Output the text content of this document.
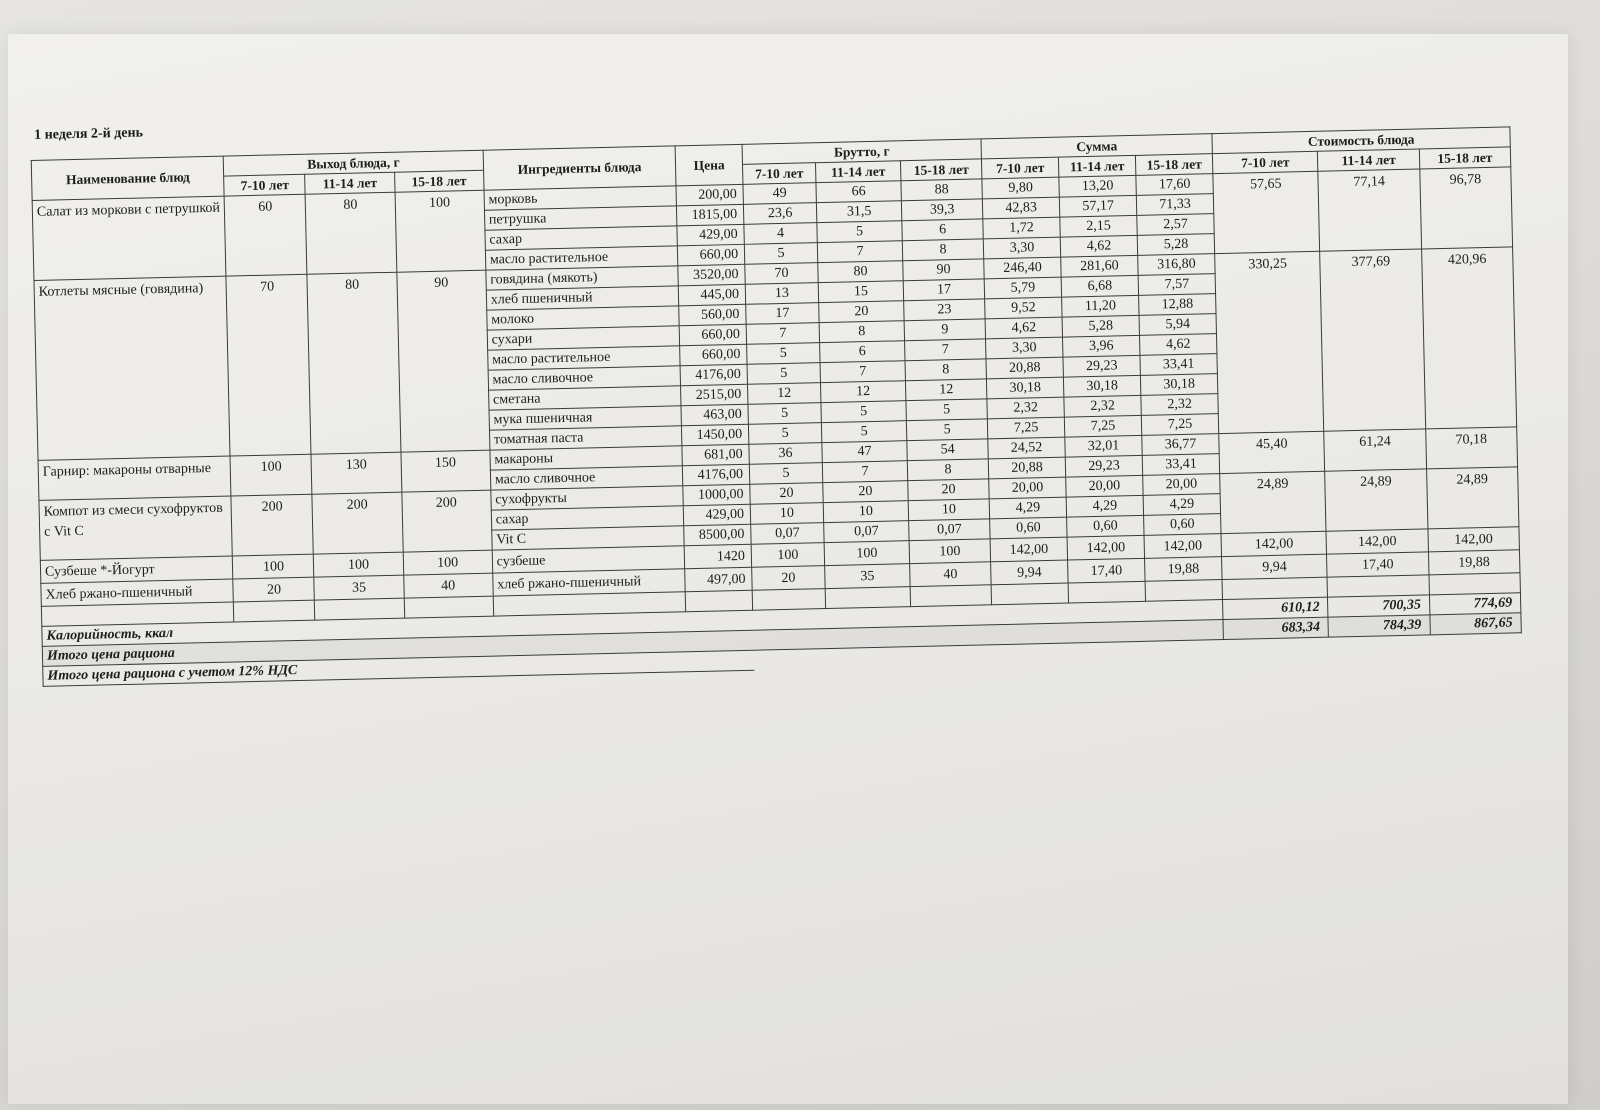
1 неделя 2-й день
Наименование блюд	Выход блюда, г			Ингредиенты блюда	Цена	Брутто, г			Сумма			Стоимость блюда		
	7-10 лет	11-14 лет	15-18 лет			7-10 лет	11-14 лет	15-18 лет	7-10 лет	11-14 лет	15-18 лет	7-10 лет	11-14 лет	15-18 лет
Салат из моркови с петрушкой	60	80	100	морковь	200,00	49	66	88	9,80	13,20	17,60	57,65	77,14	96,78
				петрушка	1815,00	23,6	31,5	39,3	42,83	57,17	71,33			
				сахар	429,00	4	5	6	1,72	2,15	2,57			
				масло растительное	660,00	5	7	8	3,30	4,62	5,28			
Котлеты мясные (говядина)	70	80	90	говядина (мякоть)	3520,00	70	80	90	246,40	281,60	316,80	330,25	377,69	420,96
				хлеб пшеничный	445,00	13	15	17	5,79	6,68	7,57			
				молоко	560,00	17	20	23	9,52	11,20	12,88			
				сухари	660,00	7	8	9	4,62	5,28	5,94			
				масло растительное	660,00	5	6	7	3,30	3,96	4,62			
				масло сливочное	4176,00	5	7	8	20,88	29,23	33,41			
				сметана	2515,00	12	12	12	30,18	30,18	30,18			
				мука пшеничная	463,00	5	5	5	2,32	2,32	2,32			
				томатная паста	1450,00	5	5	5	7,25	7,25	7,25			
Гарнир: макароны отварные	100	130	150	макароны	681,00	36	47	54	24,52	32,01	36,77	45,40	61,24	70,18
				масло сливочное	4176,00	5	7	8	20,88	29,23	33,41			
Компот из смеси сухофруктов с Vit C	200	200	200	сухофрукты	1000,00	20	20	20	20,00	20,00	20,00	24,89	24,89	24,89
				сахар	429,00	10	10	10	4,29	4,29	4,29			
				Vit C	8500,00	0,07	0,07	0,07	0,60	0,60	0,60			
Сузбеше *-Йогурт	100	100	100	сузбеше	1420	100	100	100	142,00	142,00	142,00	142,00	142,00	142,00
Хлеб ржано-пшеничный	20	35	40	хлеб ржано-пшеничный	497,00	20	35	40	9,94	17,40	19,88	9,94	17,40	19,88

Калорийность, ккал												610,12	700,35	774,69
Итого цена рациона												683,34	784,39	867,65
Итого цена рациона с учетом 12% НДС														
